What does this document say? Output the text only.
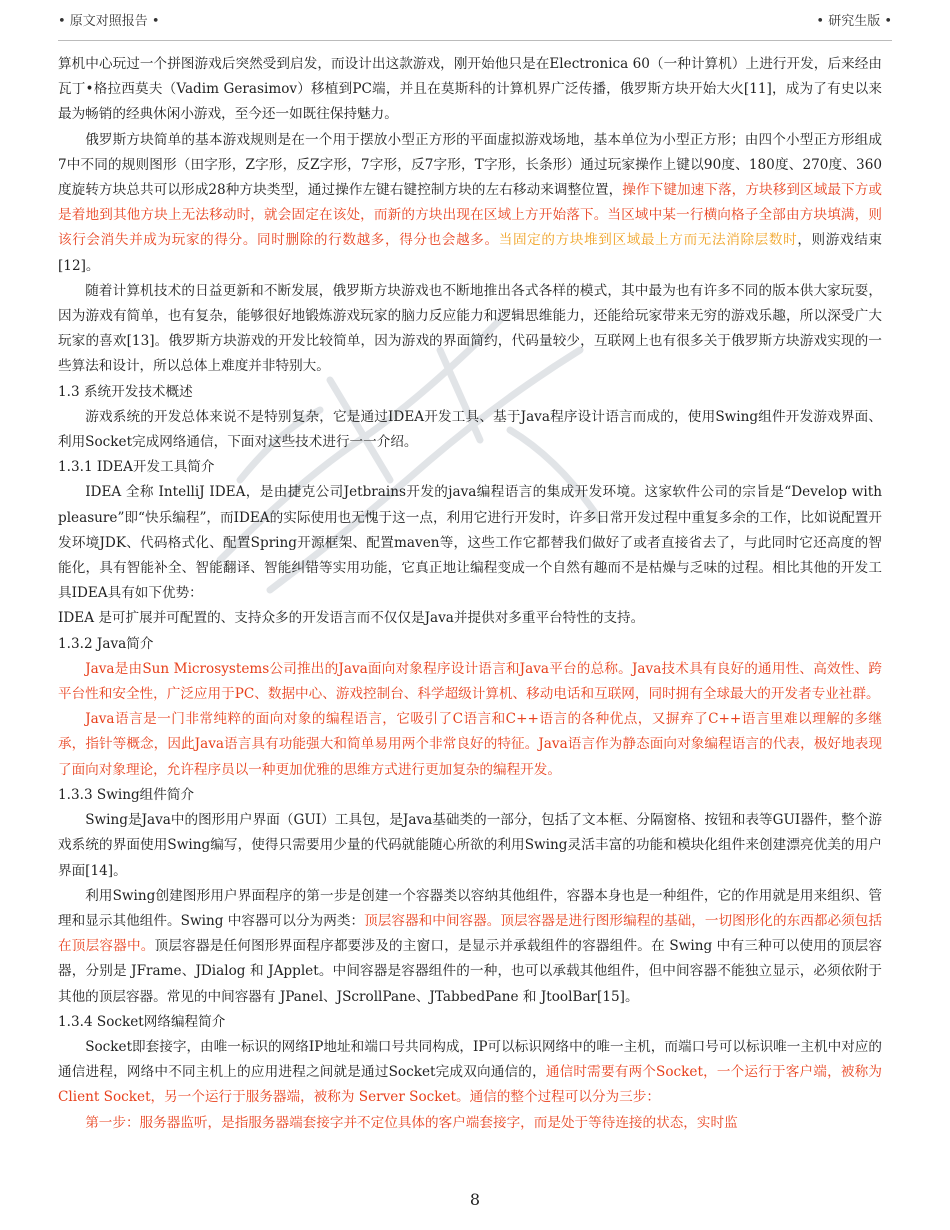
• 原文对照报告 •	• 研究生版 •

算机中心玩过一个拼图游戏后突然受到启发，而设计出这款游戏，刚开始他只是在Electronica 60（一种计算机）上进行开发，后来经由瓦丁•格拉西莫夫（Vadim Gerasimov）移植到PC端，并且在莫斯科的计算机界广泛传播，俄罗斯方块开始大火[11]，成为了有史以来最为畅销的经典休闲小游戏，至今还一如既往保持魅力。

俄罗斯方块简单的基本游戏规则是在一个用于摆放小型正方形的平面虚拟游戏场地，基本单位为小型正方形；由四个小型正方形组成7中不同的规则图形（田字形，Z字形，反Z字形，7字形，反7字形，T字形，长条形）通过玩家操作上键以90度、180度、270度、360度旋转方块总共可以形成28种方块类型，通过操作左键右键控制方块的左右移动来调整位置，操作下键加速下落，方块移到区域最下方或是着地到其他方块上无法移动时，就会固定在该处，而新的方块出现在区域上方开始落下。当区域中某一行横向格子全部由方块填满，则该行会消失并成为玩家的得分。同时删除的行数越多，得分也会越多。当固定的方块堆到区域最上方而无法消除层数时，则游戏结束[12]。

随着计算机技术的日益更新和不断发展，俄罗斯方块游戏也不断地推出各式各样的模式，其中最为也有许多不同的版本供大家玩耍，因为游戏有简单，也有复杂，能够很好地锻炼游戏玩家的脑力反应能力和逻辑思维能力，还能给玩家带来无穷的游戏乐趣，所以深受广大玩家的喜欢[13]。俄罗斯方块游戏的开发比较简单，因为游戏的界面简约，代码量较少，互联网上也有很多关于俄罗斯方块游戏实现的一些算法和设计，所以总体上难度并非特别大。

1.3 系统开发技术概述

游戏系统的开发总体来说不是特别复杂，它是通过IDEA开发工具、基于Java程序设计语言而成的，使用Swing组件开发游戏界面、利用Socket完成网络通信，下面对这些技术进行一一介绍。

1.3.1 IDEA开发工具简介

IDEA 全称 IntelliJ IDEA，是由捷克公司Jetbrains开发的java编程语言的集成开发环境。这家软件公司的宗旨是“Develop with pleasure”即“快乐编程”，而IDEA的实际使用也无愧于这一点，利用它进行开发时，许多日常开发过程中重复多余的工作，比如说配置开发环境JDK、代码格式化、配置Spring开源框架、配置maven等，这些工作它都替我们做好了或者直接省去了，与此同时它还高度的智能化，具有智能补全、智能翻译、智能纠错等实用功能，它真正地让编程变成一个自然有趣而不是枯燥与乏味的过程。相比其他的开发工具IDEA具有如下优势：

IDEA 是可扩展并可配置的、支持众多的开发语言而不仅仅是Java并提供对多重平台特性的支持。

1.3.2 Java简介

Java是由Sun Microsystems公司推出的Java面向对象程序设计语言和Java平台的总称。Java技术具有良好的通用性、高效性、跨平台性和安全性，广泛应用于PC、数据中心、游戏控制台、科学超级计算机、移动电话和互联网，同时拥有全球最大的开发者专业社群。

Java语言是一门非常纯粹的面向对象的编程语言，它吸引了C语言和C++语言的各种优点，又摒弃了C++语言里难以理解的多继承，指针等概念，因此Java语言具有功能强大和简单易用两个非常良好的特征。Java语言作为静态面向对象编程语言的代表，极好地表现了面向对象理论，允许程序员以一种更加优雅的思维方式进行更加复杂的编程开发。

1.3.3 Swing组件简介

Swing是Java中的图形用户界面（GUI）工具包，是Java基础类的一部分，包括了文本框、分隔窗格、按钮和表等GUI器件，整个游戏系统的界面使用Swing编写，使得只需要用少量的代码就能随心所欲的利用Swing灵活丰富的功能和模块化组件来创建漂亮优美的用户界面[14]。

利用Swing创建图形用户界面程序的第一步是创建一个容器类以容纳其他组件，容器本身也是一种组件，它的作用就是用来组织、管理和显示其他组件。Swing 中容器可以分为两类：顶层容器和中间容器。顶层容器是进行图形编程的基础，一切图形化的东西都必须包括在顶层容器中。顶层容器是任何图形界面程序都要涉及的主窗口，是显示并承载组件的容器组件。在 Swing 中有三种可以使用的顶层容器，分别是 JFrame、JDialog 和 JApplet。中间容器是容器组件的一种，也可以承载其他组件，但中间容器不能独立显示，必须依附于其他的顶层容器。常见的中间容器有 JPanel、JScrollPane、JTabbedPane 和 JtoolBar[15]。

1.3.4 Socket网络编程简介

Socket即套接字，由唯一标识的网络IP地址和端口号共同构成，IP可以标识网络中的唯一主机，而端口号可以标识唯一主机中对应的通信进程，网络中不同主机上的应用进程之间就是通过Socket完成双向通信的，通信时需要有两个Socket，一个运行于客户端，被称为 Client Socket，另一个运行于服务器端，被称为 Server Socket。通信的整个过程可以分为三步：

第一步：服务器监听，是指服务器端套接字并不定位具体的客户端套接字，而是处于等待连接的状态，实时监

8
